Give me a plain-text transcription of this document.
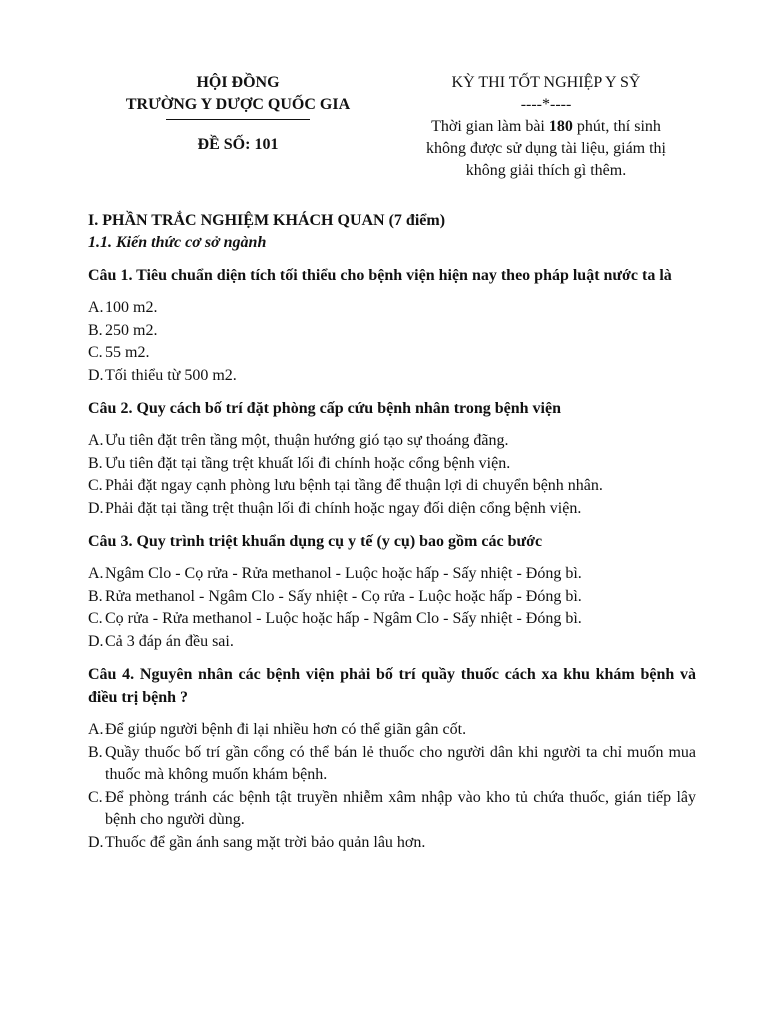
HỘI ĐỒNG
TRƯỜNG Y DƯỢC QUỐC GIA
ĐỀ SỐ: 101
KỲ THI TỐT NGHIỆP Y SỸ
----*----
Thời gian làm bài 180 phút, thí sinh
không được sử dụng tài liệu, giám thị
không giải thích gì thêm.
I. PHẦN TRẮC NGHIỆM KHÁCH QUAN (7 điểm)
1.1. Kiến thức cơ sở ngành
Câu 1. Tiêu chuẩn diện tích tối thiểu cho bệnh viện hiện nay theo pháp luật nước ta là
A. 100 m2.
B. 250 m2.
C. 55 m2.
D. Tối thiểu từ 500 m2.
Câu 2. Quy cách bố trí đặt phòng cấp cứu bệnh nhân trong bệnh viện
A. Ưu tiên đặt trên tầng một, thuận hướng gió tạo sự thoáng đãng.
B. Ưu tiên đặt tại tầng trệt khuất lối đi chính hoặc cổng bệnh viện.
C. Phải đặt ngay cạnh phòng lưu bệnh tại tầng để thuận lợi di chuyển bệnh nhân.
D. Phải đặt tại tầng trệt thuận lối đi chính hoặc ngay đối diện cổng bệnh viện.
Câu 3. Quy trình triệt khuẩn dụng cụ y tế (y cụ) bao gồm các bước
A. Ngâm Clo - Cọ rửa - Rửa methanol - Luộc hoặc hấp - Sấy nhiệt - Đóng bì.
B. Rửa methanol - Ngâm Clo - Sấy nhiệt - Cọ rửa - Luộc hoặc hấp - Đóng bì.
C. Cọ rửa - Rửa methanol - Luộc hoặc hấp - Ngâm Clo - Sấy nhiệt - Đóng bì.
D. Cả 3 đáp án đều sai.
Câu 4. Nguyên nhân các bệnh viện phải bố trí quầy thuốc cách xa khu khám bệnh và điều trị bệnh ?
A. Để giúp người bệnh đi lại nhiều hơn có thể giãn gân cốt.
B. Quầy thuốc bố trí gần cổng có thể bán lẻ thuốc cho người dân khi người ta chỉ muốn mua thuốc mà không muốn khám bệnh.
C. Để phòng tránh các bệnh tật truyền nhiễm xâm nhập vào kho tủ chứa thuốc, gián tiếp lây bệnh cho người dùng.
D. Thuốc để gần ánh sang mặt trời bảo quản lâu hơn.
